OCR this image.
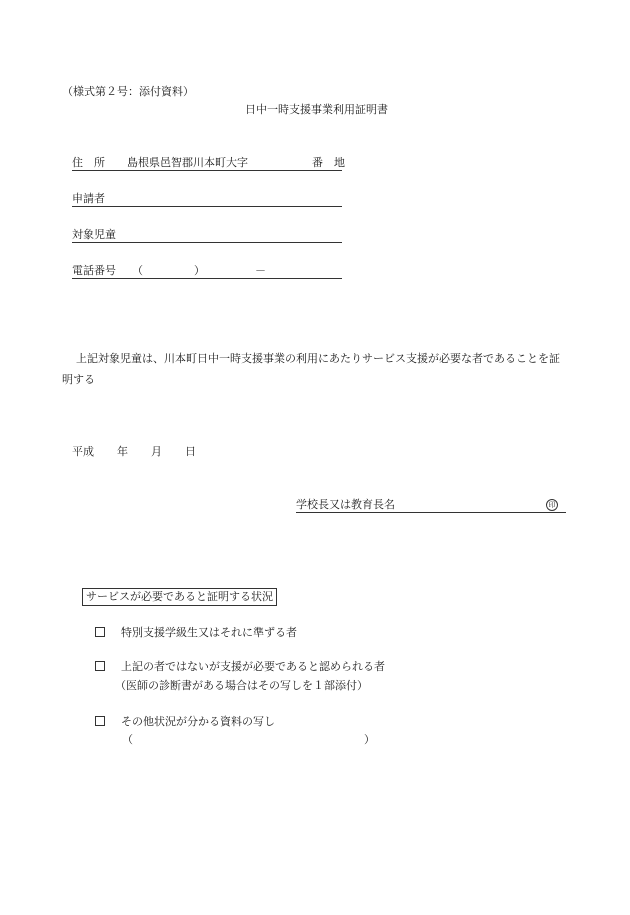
（様式第２号：添付資料）
日中一時支援事業利用証明書
住　所 島根県邑智郡川本町大字	番　地
申請者
対象児童
電話番号 （	）	－
上記対象児童は、川本町日中一時支援事業の利用にあたりサービス支援が必要な者であることを証
明する
平成 年 月 日
学校長又は教育長名	印
サービスが必要であると証明する状況
特別支援学級生又はそれに準ずる者
上記の者ではないが支援が必要であると認められる者
（医師の診断書がある場合はその写しを１部添付）
その他状況が分かる資料の写し
（	）
